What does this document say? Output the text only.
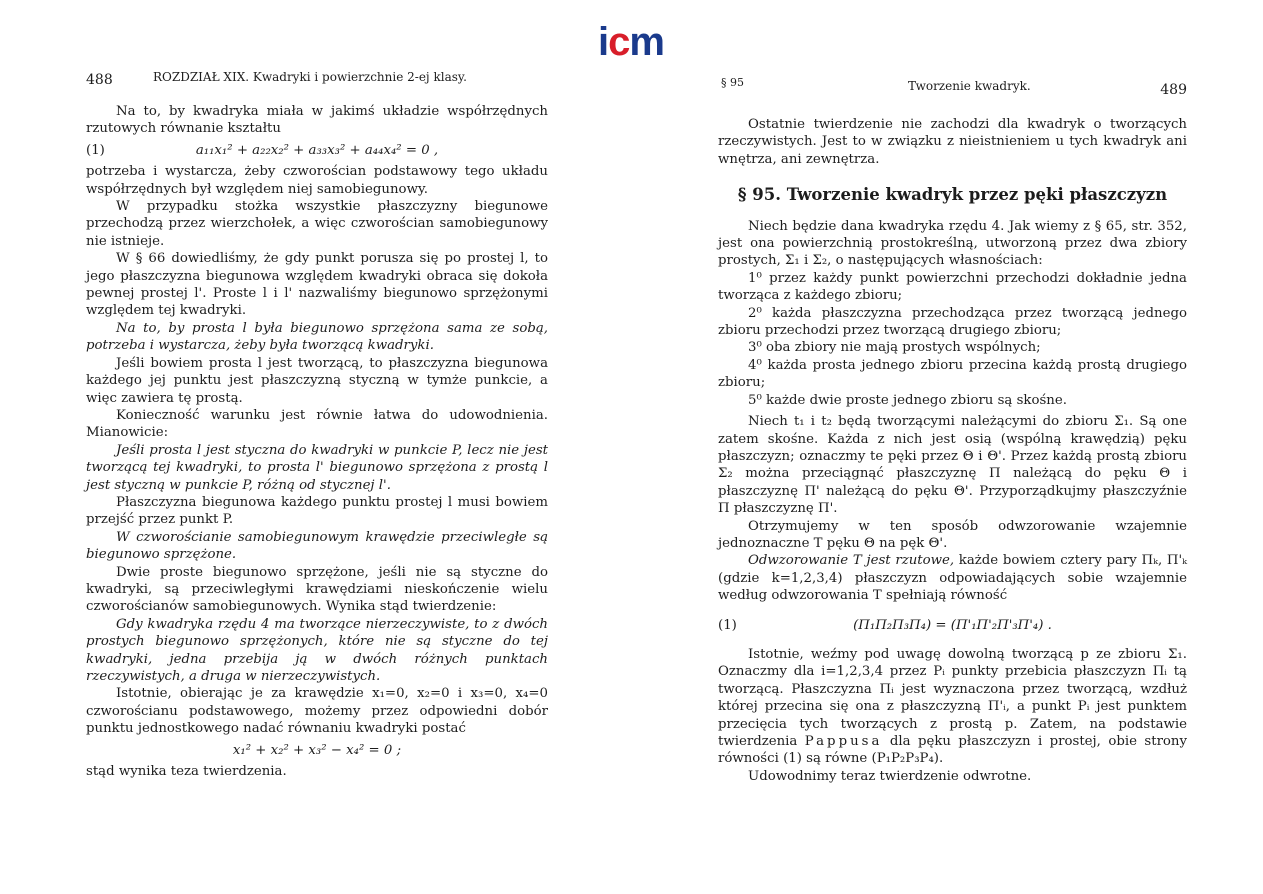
icm
488	ROZDZIAŁ XIX. Kwadryki i powierzchnie 2-ej klasy.

Na to, by kwadryka miała w jakimś układzie współrzędnych rzutowych równanie kształtu

(1)	a₁₁x₁² + a₂₂x₂² + a₃₃x₃² + a₄₄x₄² = 0 ,

potrzeba i wystarcza, żeby czworościan podstawowy tego układu współrzędnych był względem niej samobiegunowy.

W przypadku stożka wszystkie płaszczyzny biegunowe przechodzą przez wierzchołek, a więc czworościan samobiegunowy nie istnieje.

W § 66 dowiedliśmy, że gdy punkt porusza się po prostej l, to jego płaszczyzna biegunowa względem kwadryki obraca się dokoła pewnej prostej l'. Proste l i l' nazwaliśmy biegunowo sprzężonymi względem tej kwadryki.

Na to, by prosta l była biegunowo sprzężona sama ze sobą, potrzeba i wystarcza, żeby była tworzącą kwadryki.

Jeśli bowiem prosta l jest tworzącą, to płaszczyzna biegunowa każdego jej punktu jest płaszczyzną styczną w tymże punkcie, a więc zawiera tę prostą.

Konieczność warunku jest równie łatwa do udowodnienia. Mianowicie:

Jeśli prosta l jest styczna do kwadryki w punkcie P, lecz nie jest tworzącą tej kwadryki, to prosta l' biegunowo sprzężona z prostą l jest styczną w punkcie P, różną od stycznej l'.

Płaszczyzna biegunowa każdego punktu prostej l musi bowiem przejść przez punkt P.

W czworościanie samobiegunowym krawędzie przeciwległe są biegunowo sprzężone.

Dwie proste biegunowo sprzężone, jeśli nie są styczne do kwadryki, są przeciwległymi krawędziami nieskończenie wielu czworościanów samobiegunowych. Wynika stąd twierdzenie:

Gdy kwadryka rzędu 4 ma tworzące nierzeczywiste, to z dwóch prostych biegunowo sprzężonych, które nie są styczne do tej kwadryki, jedna przebija ją w dwóch różnych punktach rzeczywistych, a druga w nierzeczywistych.

Istotnie, obierając je za krawędzie x₁=0, x₂=0 i x₃=0, x₄=0 czworościanu podstawowego, możemy przez odpowiedni dobór punktu jednostkowego nadać równaniu kwadryki postać

x₁² + x₂² + x₃² − x₄² = 0 ;

stąd wynika teza twierdzenia.

§ 95	Tworzenie kwadryk.	489

Ostatnie twierdzenie nie zachodzi dla kwadryk o tworzących rzeczywistych. Jest to w związku z nieistnieniem u tych kwadryk ani wnętrza, ani zewnętrza.

§ 95. Tworzenie kwadryk przez pęki płaszczyzn

Niech będzie dana kwadryka rzędu 4. Jak wiemy z § 65, str. 352, jest ona powierzchnią prostokreślną, utworzoną przez dwa zbiory prostych, Σ₁ i Σ₂, o następujących własnościach:

1⁰ przez każdy punkt powierzchni przechodzi dokładnie jedna tworząca z każdego zbioru;

2⁰ każda płaszczyzna przechodząca przez tworzącą jednego zbioru przechodzi przez tworzącą drugiego zbioru;

3⁰ oba zbiory nie mają prostych wspólnych;

4⁰ każda prosta jednego zbioru przecina każdą prostą drugiego zbioru;

5⁰ każde dwie proste jednego zbioru są skośne.

Niech t₁ i t₂ będą tworzącymi należącymi do zbioru Σ₁. Są one zatem skośne. Każda z nich jest osią (wspólną krawędzią) pęku płaszczyzn; oznaczmy te pęki przez Θ i Θ'. Przez każdą prostą zbioru Σ₂ można przeciągnąć płaszczyznę Π należącą do pęku Θ i płaszczyznę Π' należącą do pęku Θ'. Przyporządkujmy płaszczyźnie Π płaszczyznę Π'.

Otrzymujemy w ten sposób odwzorowanie wzajemnie jednoznaczne T pęku Θ na pęk Θ'.

Odwzorowanie T jest rzutowe, każde bowiem cztery pary Πₖ, Π'ₖ (gdzie k=1,2,3,4) płaszczyzn odpowiadających sobie wzajemnie według odwzorowania T spełniają równość

(1)	(Π₁Π₂Π₃Π₄) = (Π'₁Π'₂Π'₃Π'₄) .

Istotnie, weźmy pod uwagę dowolną tworzącą p ze zbioru Σ₁. Oznaczmy dla i=1,2,3,4 przez Pᵢ punkty przebicia płaszczyzn Πᵢ tą tworzącą. Płaszczyzna Πᵢ jest wyznaczona przez tworzącą, wzdłuż której przecina się ona z płaszczyzną Π'ᵢ, a punkt Pᵢ jest punktem przecięcia tych tworzących z prostą p. Zatem, na podstawie twierdzenia Pappusa dla pęku płaszczyzn i prostej, obie strony równości (1) są równe (P₁P₂P₃P₄).

Udowodnimy teraz twierdzenie odwrotne.
